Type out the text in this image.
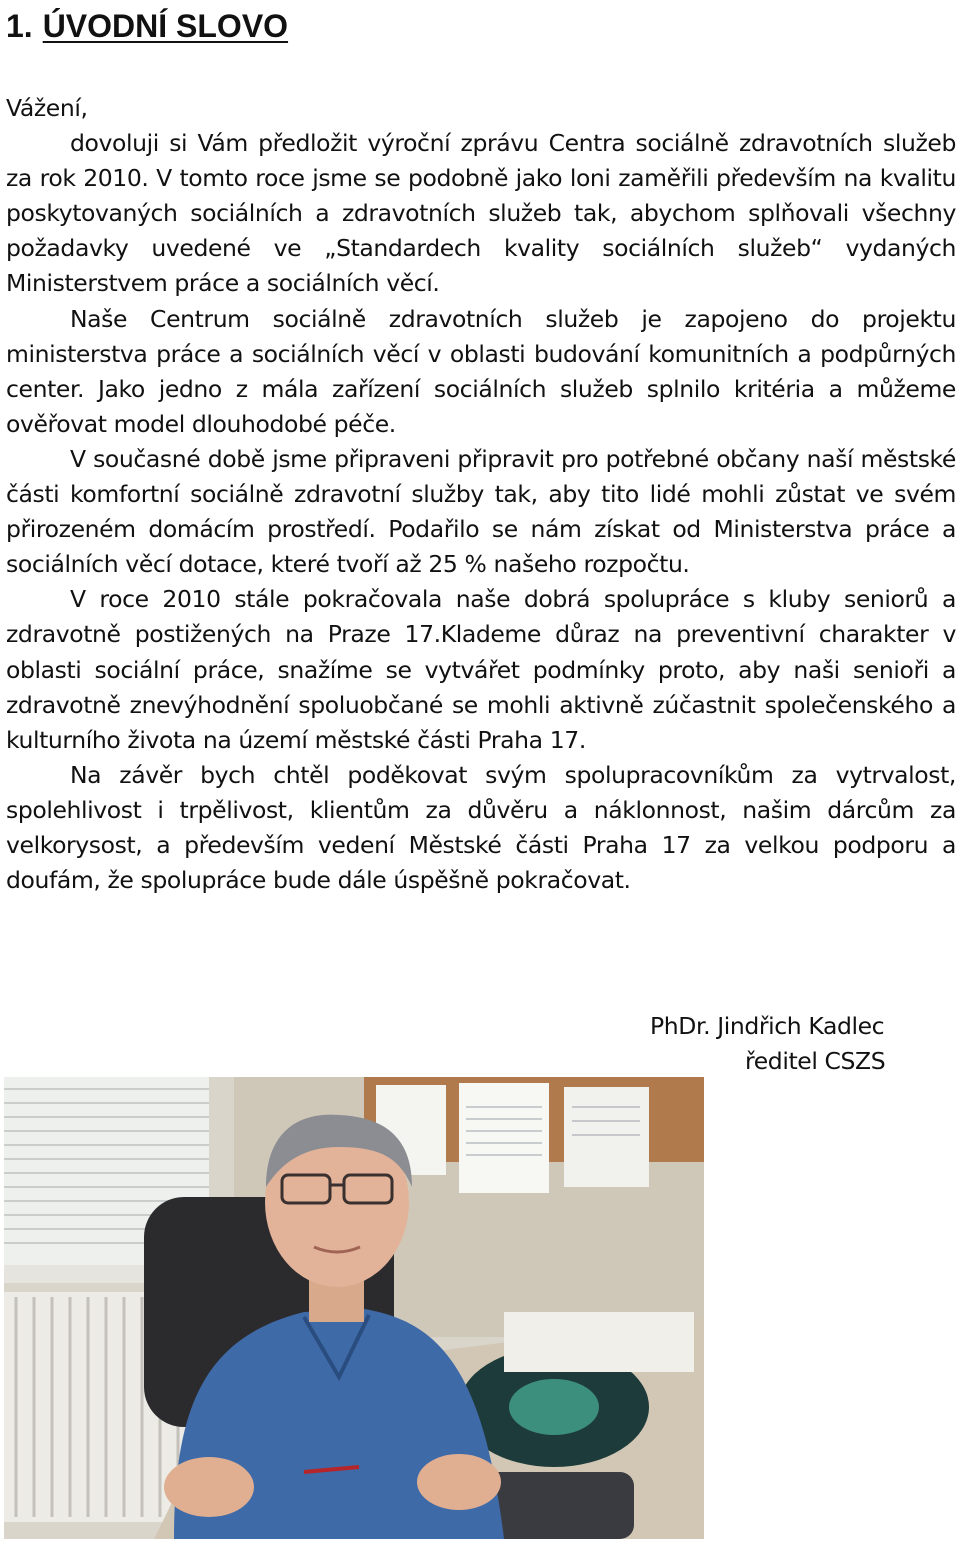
1. ÚVODNÍ SLOVO

Vážení,

dovoluji si Vám předložit výroční zprávu Centra sociálně zdravotních služeb za rok 2010. V tomto roce jsme se podobně jako loni zaměřili především na kvalitu poskytovaných sociálních a zdravotních služeb tak, abychom splňovali všechny požadavky uvedené ve „Standardech kvality sociálních služeb“ vydaných Ministerstvem práce a sociálních věcí.

Naše Centrum sociálně zdravotních služeb je zapojeno do projektu ministerstva práce a sociálních věcí v oblasti budování komunitních a podpůrných center. Jako jedno z mála zařízení sociálních služeb splnilo kritéria a můžeme ověřovat model dlouhodobé péče.

V současné době jsme připraveni připravit pro potřebné občany naší městské části komfortní sociálně zdravotní služby tak, aby tito lidé mohli zůstat ve svém přirozeném domácím prostředí. Podařilo se nám získat od Ministerstva práce a sociálních věcí dotace, které tvoří až 25 % našeho rozpočtu.

V roce 2010 stále pokračovala naše dobrá spolupráce s kluby seniorů a zdravotně postižených na Praze 17.Klademe důraz na preventivní charakter v oblasti sociální práce, snažíme se vytvářet podmínky proto, aby naši senioři a zdravotně znevýhodnění spoluobčané se mohli aktivně zúčastnit společenského a kulturního života na území městské části Praha 17.

Na závěr bych chtěl poděkovat svým spolupracovníkům za vytrvalost, spolehlivost i trpělivost, klientům za důvěru a náklonnost, našim dárcům za velkorysost, a především vedení Městské části Praha 17 za velkou podporu a doufám, že spolupráce bude dále úspěšně pokračovat.

PhDr. Jindřich Kadlec
ředitel CSZS
